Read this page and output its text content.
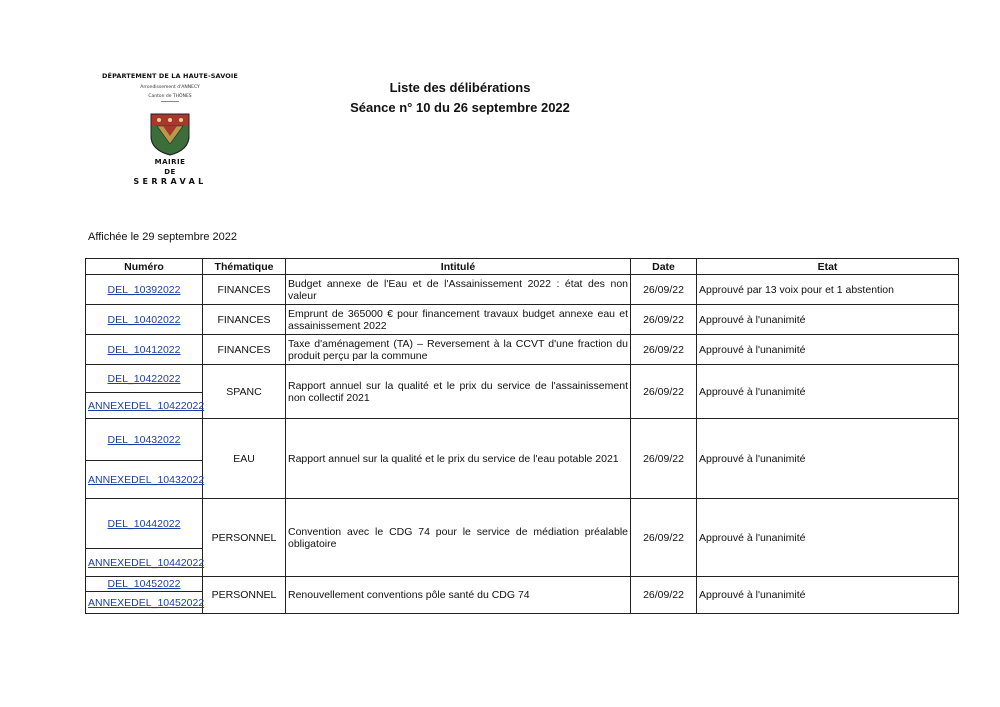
DÉPARTEMENT DE LA HAUTE-SAVOIE
Arrondissement d'ANNECY
Canton de THÔNES
MAIRIE
DE
SERRAVAL
Liste des délibérations
Séance n° 10 du 26 septembre 2022
Affichée le 29 septembre 2022
Numéro	Thématique	Intitulé	Date	Etat
DEL_10392022	FINANCES	Budget annexe de l'Eau et de l'Assainissement 2022 : état des non valeur	26/09/22	Approuvé par 13 voix pour et 1 abstention
DEL_10402022	FINANCES	Emprunt de 365000 € pour financement travaux budget annexe eau et assainissement 2022	26/09/22	Approuvé à l'unanimité
DEL_10412022	FINANCES	Taxe d'aménagement (TA) – Reversement à la CCVT d'une fraction du produit perçu par la commune	26/09/22	Approuvé à l'unanimité
DEL_10422022	SPANC	Rapport annuel sur la qualité et le prix du service de l'assainissement non collectif 2021	26/09/22	Approuvé à l'unanimité
ANNEXEDEL_10422022				
DEL_10432022	EAU	Rapport annuel sur la qualité et le prix du service de l'eau potable 2021	26/09/22	Approuvé à l'unanimité
ANNEXEDEL_10432022				
DEL_10442022	PERSONNEL	Convention avec le CDG 74 pour le service de médiation préalable obligatoire	26/09/22	Approuvé à l'unanimité
ANNEXEDEL_10442022				
DEL_10452022	PERSONNEL	Renouvellement conventions pôle santé du CDG 74	26/09/22	Approuvé à l'unanimité
ANNEXEDEL_10452022				
